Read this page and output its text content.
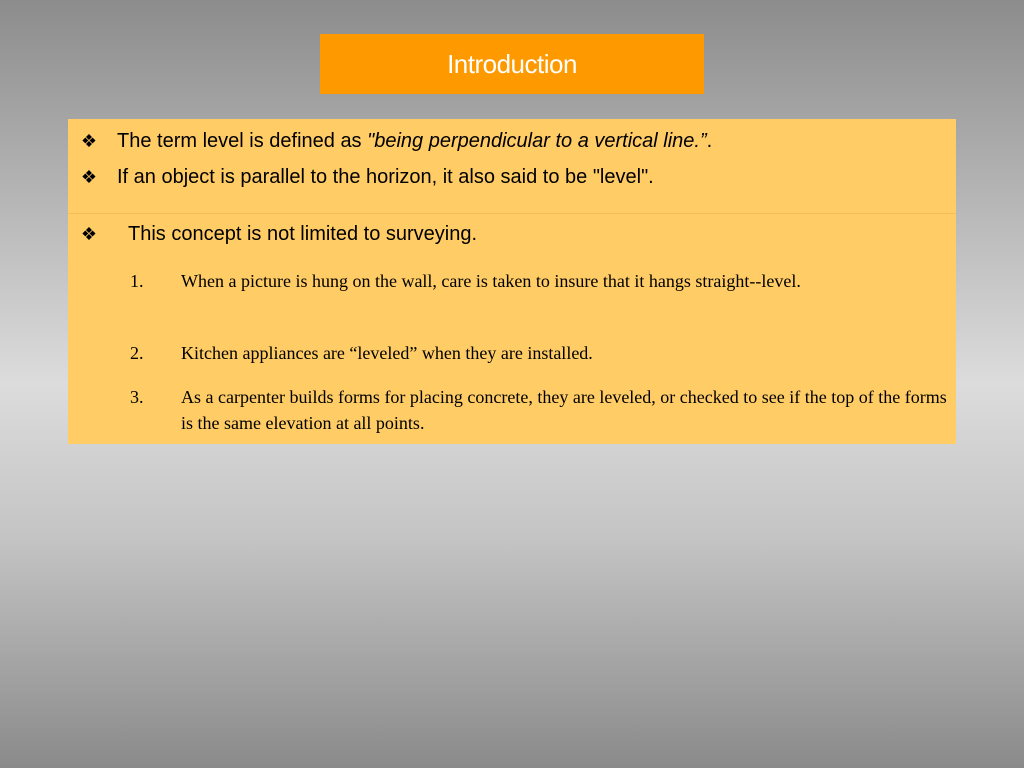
Introduction
❖ The term level is defined as "being perpendicular to a vertical line.”.
❖ If an object is parallel to the horizon, it also said to be "level".
❖ This concept is not limited to surveying.
1.	When a picture is hung on the wall, care is taken to insure that it hangs straight--level.
2.	Kitchen appliances are “leveled” when they are installed.
3.	As a carpenter builds forms for placing concrete, they are leveled, or checked to see if the top of the forms is the same elevation at all points.
